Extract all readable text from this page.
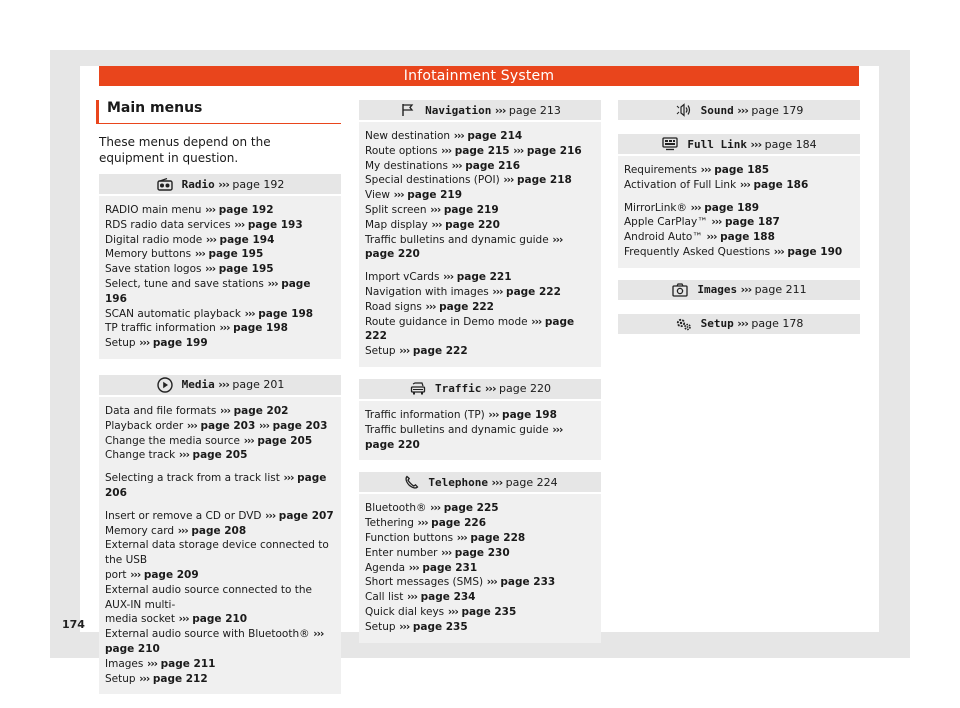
Infotainment System
Main menus
These menus depend on the equipment in question.
Radio ››› page 192
RADIO main menu ››› page 192
RDS radio data services ››› page 193
Digital radio mode ››› page 194
Memory buttons ››› page 195
Save station logos ››› page 195
Select, tune and save stations ››› page 196
SCAN automatic playback ››› page 198
TP traffic information ››› page 198
Setup ››› page 199
Media ››› page 201
Data and file formats ››› page 202
Playback order ››› page 203 ››› page 203
Change the media source ››› page 205
Change track ››› page 205
Selecting a track from a track list ››› page 206
Insert or remove a CD or DVD ››› page 207
Memory card ››› page 208
External data storage device connected to the USB
port ››› page 209
External audio source connected to the AUX-IN multi-
media socket ››› page 210
External audio source with Bluetooth® ››› page 210
Images ››› page 211
Setup ››› page 212
Navigation ››› page 213
New destination ››› page 214
Route options ››› page 215 ››› page 216
My destinations ››› page 216
Special destinations (POI) ››› page 218
View ››› page 219
Split screen ››› page 219
Map display ››› page 220
Traffic bulletins and dynamic guide ››› page 220
Import vCards ››› page 221
Navigation with images ››› page 222
Road signs ››› page 222
Route guidance in Demo mode ››› page 222
Setup ››› page 222
Traffic ››› page 220
Traffic information (TP) ››› page 198
Traffic bulletins and dynamic guide ››› page 220
Telephone ››› page 224
Bluetooth® ››› page 225
Tethering ››› page 226
Function buttons ››› page 228
Enter number ››› page 230
Agenda ››› page 231
Short messages (SMS) ››› page 233
Call list ››› page 234
Quick dial keys ››› page 235
Setup ››› page 235
Sound ››› page 179
Full Link ››› page 184
Requirements ››› page 185
Activation of Full Link ››› page 186
MirrorLink® ››› page 189
Apple CarPlay™ ››› page 187
Android Auto™ ››› page 188
Frequently Asked Questions ››› page 190
Images ››› page 211
Setup ››› page 178
174
